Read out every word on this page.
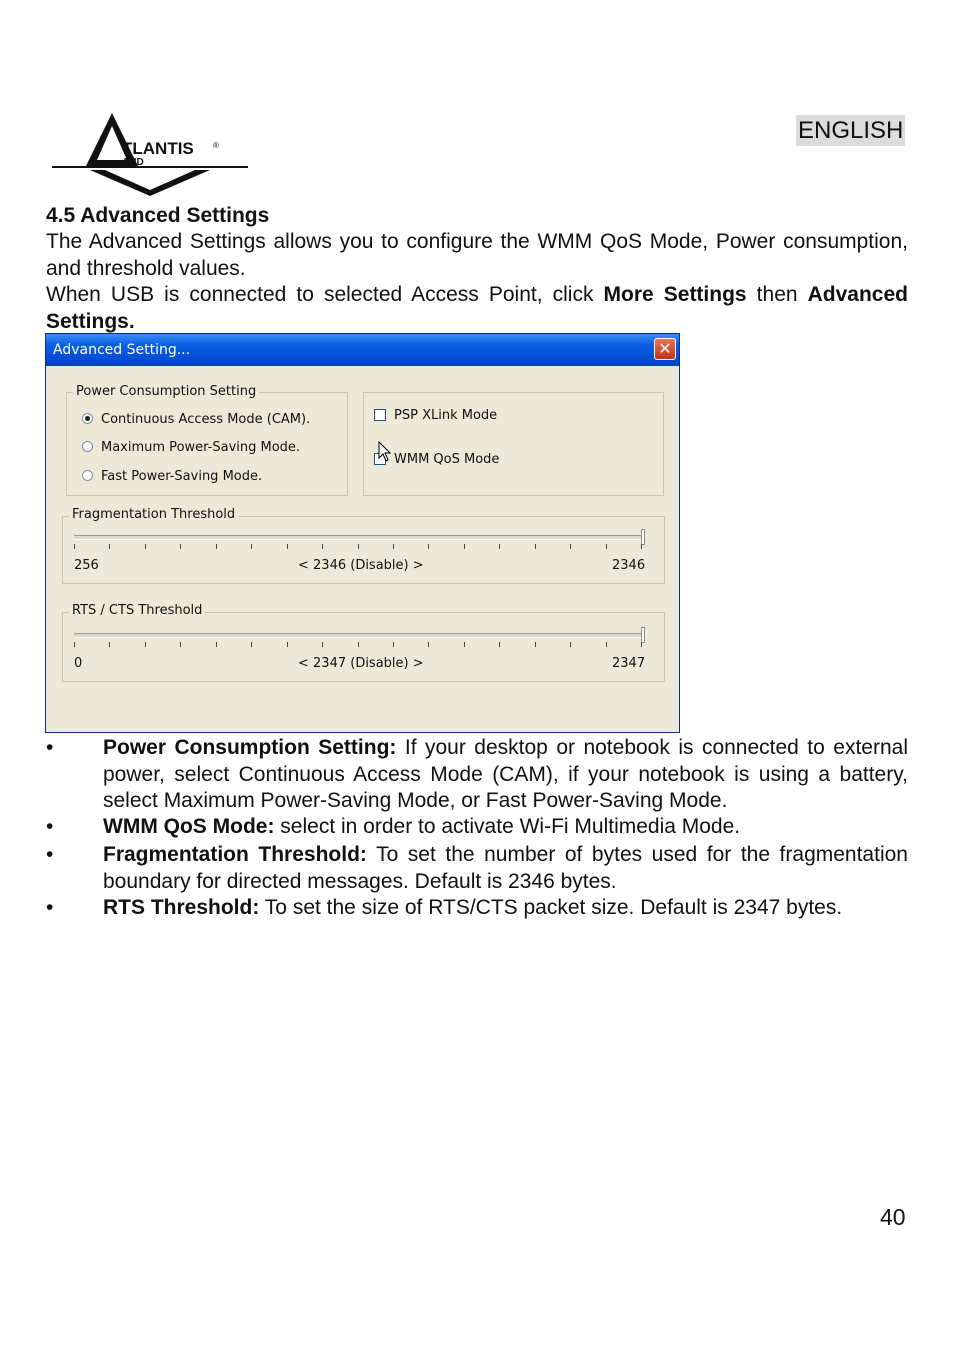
TLANTIS
AND
®
ENGLISH
4.5 Advanced Settings
The Advanced Settings allows you to configure the WMM QoS Mode, Power consumption, and threshold values.
When USB is connected to selected Access Point, click More Settings then Advanced Settings.
Advanced Setting...	✕
Power Consumption Setting
Continuous Access Mode (CAM).
Maximum Power-Saving Mode.
Fast Power-Saving Mode.
PSP XLink Mode
WMM QoS Mode
Fragmentation Threshold
256	< 2346 (Disable) >	2346
RTS / CTS Threshold
0	< 2347 (Disable) >	2347
• Power Consumption Setting: If your desktop or notebook is connected to external power, select Continuous Access Mode (CAM), if your notebook is using a battery, select Maximum Power-Saving Mode, or Fast Power-Saving Mode.
• WMM QoS Mode: select in order to activate Wi-Fi Multimedia Mode.
• Fragmentation Threshold: To set the number of bytes used for the fragmentation boundary for directed messages. Default is 2346 bytes.
• RTS Threshold: To set the size of RTS/CTS packet size. Default is 2347 bytes.
40
